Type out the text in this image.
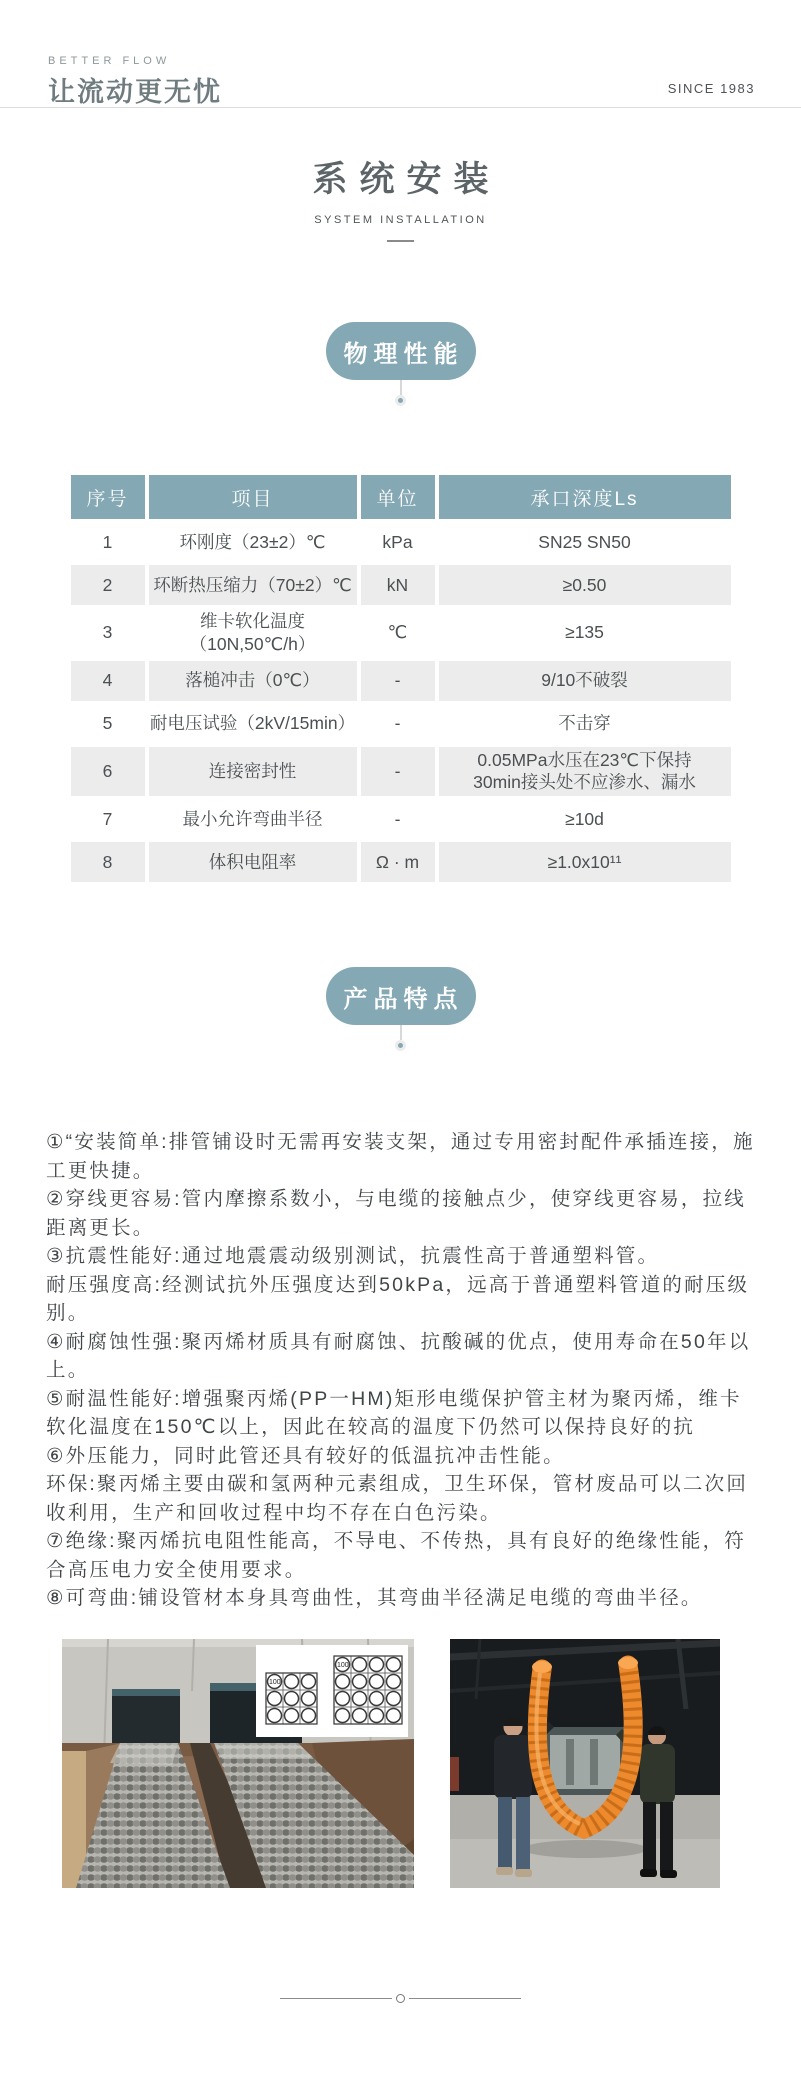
BETTER FLOW
让流动更无忧	SINCE 1983
系统安装
SYSTEM INSTALLATION
物理性能
序号	项目	单位	承口深度Ls
1	环刚度（23±2）℃	kPa	SN25 SN50
2	环断热压缩力（70±2）℃	kN	≥0.50
3	维卡软化温度（10N,50℃/h）	℃	≥135
4	落槌冲击（0℃）	-	9/10不破裂
5	耐电压试验（2kV/15min）	-	不击穿
6	连接密封性	-	0.05MPa水压在23℃下保持
30min接头处不应渗水、漏水
7	最小允许弯曲半径	-	≥10d
8	体积电阻率	Ω · m	≥1.0x10¹¹
产品特点

①“安装简单:排管铺设时无需再安装支架，通过专用密封配件承插连接，施工更快捷。

②穿线更容易:管内摩擦系数小，与电缆的接触点少，使穿线更容易，拉线距离更长。

③抗震性能好:通过地震震动级别测试，抗震性高于普通塑料管。

耐压强度高:经测试抗外压强度达到50kPa，远高于普通塑料管道的耐压级别。

④耐腐蚀性强:聚丙烯材质具有耐腐蚀、抗酸碱的优点，使用寿命在50年以上。

⑤耐温性能好:增强聚丙烯(PP一HM)矩形电缆保护管主材为聚丙烯，维卡软化温度在150℃以上，因此在较高的温度下仍然可以保持良好的抗

⑥外压能力，同时此管还具有较好的低温抗冲击性能。

环保:聚丙烯主要由碳和氢两种元素组成，卫生环保，管材废品可以二次回收利用，生产和回收过程中均不存在白色污染。

⑦绝缘:聚丙烯抗电阻性能高，不导电、不传热，具有良好的绝缘性能，符合高压电力安全使用要求。

⑧可弯曲:铺设管材本身具弯曲性，其弯曲半径满足电缆的弯曲半径。

100
100
